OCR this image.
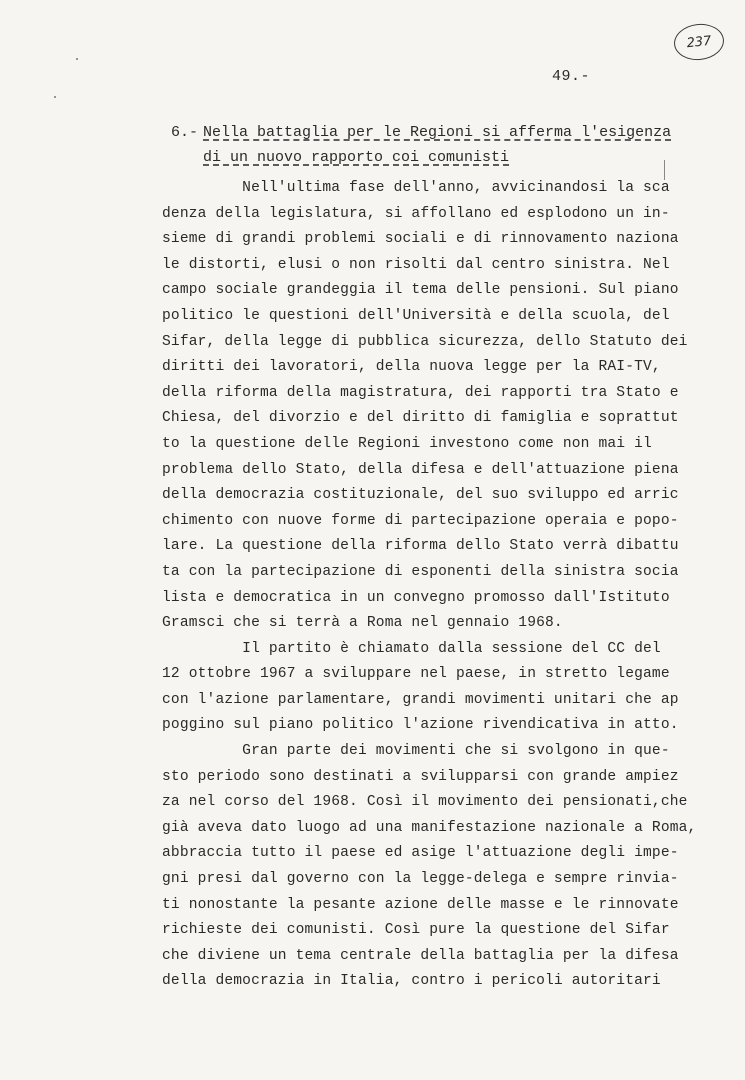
237
49.-
6.- Nella battaglia per le Regioni si afferma l'esigenza
di un nuovo rapporto coi comunisti
Nell'ultima fase dell'anno, avvicinandosi la sca
denza della legislatura, si affollano ed esplodono un in-
sieme di grandi problemi sociali e di rinnovamento naziona
le distorti, elusi o non risolti dal centro sinistra. Nel
campo sociale grandeggia il tema delle pensioni. Sul piano
politico le questioni dell'Università e della scuola, del
Sifar, della legge di pubblica sicurezza, dello Statuto dei
diritti dei lavoratori, della nuova legge per la RAI-TV,
della riforma della magistratura, dei rapporti tra Stato e
Chiesa, del divorzio e del diritto di famiglia e soprattut
to la questione delle Regioni investono come non mai il
problema dello Stato, della difesa e dell'attuazione piena
della democrazia costituzionale, del suo sviluppo ed arric
chimento con nuove forme di partecipazione operaia e popo-
lare. La questione della riforma dello Stato verrà dibattu
ta con la partecipazione di esponenti della sinistra socia
lista e democratica in un convegno promosso dall'Istituto
Gramsci che si terrà a Roma nel gennaio 1968.
Il partito è chiamato dalla sessione del CC del
12 ottobre 1967 a sviluppare nel paese, in stretto legame
con l'azione parlamentare, grandi movimenti unitari che ap
poggino sul piano politico l'azione rivendicativa in atto.
Gran parte dei movimenti che si svolgono in que-
sto periodo sono destinati a svilupparsi con grande ampiez
za nel corso del 1968. Così il movimento dei pensionati,che
già aveva dato luogo ad una manifestazione nazionale a Roma,
abbraccia tutto il paese ed asige l'attuazione degli impe-
gni presi dal governo con la legge-delega e sempre rinvia-
ti nonostante la pesante azione delle masse e le rinnovate
richieste dei comunisti. Così pure la questione del Sifar
che diviene un tema centrale della battaglia per la difesa
della democrazia in Italia, contro i pericoli autoritari
